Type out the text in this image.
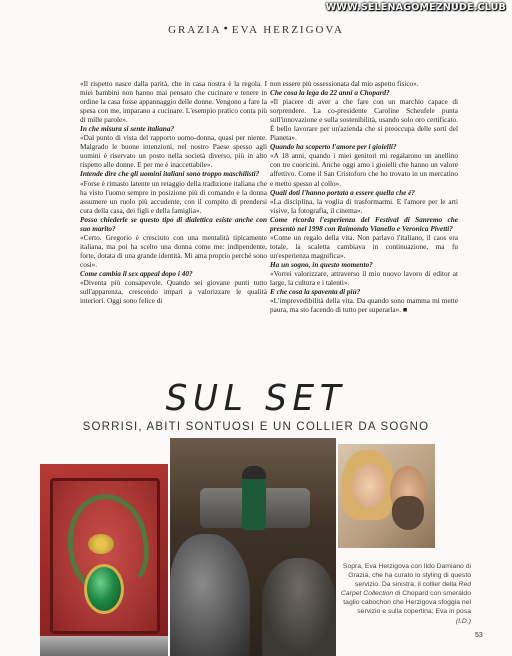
WWW.SELENAGOMEZNUDE.CLUB
GRAZIA ● EVA HERZIGOVA

«Il rispetto nasce dalla parità, che in casa nostra è la regola. I miei bambini non hanno mai pensato che cucinare e tenere in ordine la casa fosse appannaggio delle donne. Vengono a fare la spesa con me, imparano a cucinare. L'esempio pratico conta più di mille parole».

In che misura si sente italiana?

«Dal punto di vista del rapporto uomo-donna, quasi per niente. Malgrado le buone intenzioni, nel nostro Paese spesso agli uomini è riservato un posto nella società diverso, più in alto rispetto alle donne. E per me è inaccettabile».

Intende dire che gli uomini italiani sono troppo maschilisti?

«Forse è rimasto latente un retaggio della tradizione italiana che ha visto l'uomo sempre in posizione più di comando e la donna assumere un ruolo più accudente, con il compito di prendersi cura della casa, dei figli e della famiglia».

Posso chiederle se questo tipo di dialettica esiste anche con suo marito?

«Certo. Gregorio è cresciuto con una mentalità tipicamente italiana, ma poi ha scelto una donna come me: indipendente, forte, dotata di una grande identità. Mi ama proprio perché sono così».

Come cambia il sex appeal dopo i 40?

«Diventa più consapevole. Quando sei giovane punti tutto sull'apparenza, crescendo impari a valorizzare le qualità interiori. Oggi sono felice di

non essere più ossessionata dal mio aspetto fisico».

Che cosa la lega da 22 anni a Chopard?

«Il piacere di aver a che fare con un marchio capace di sorprendere. La co-presidente Caroline Scheufele punta sull'innovazione e sulla sostenibilità, usando solo oro certificato. È bello lavorare per un'azienda che si preoccupa delle sorti del Pianeta».

Quando ha scoperto l'amore per i gioielli?

«A 18 anni, quando i miei genitori mi regalarono un anellino con tre cuoricini. Anche oggi amo i gioielli che hanno un valore affettivo. Come il San Cristoforo che ho trovato in un mercatino e metto spesso al collo».

Quali doti l'hanno portata a essere quella che è?

«La disciplina, la voglia di trasformarmi. E l'amore per le arti visive, la fotografia, il cinema».

Come ricorda l'esperienza del Festival di Sanremo che presentò nel 1998 con Raimondo Vianello e Veronica Pivetti?

«Come un regalo della vita. Non parlavo l'italiano, il caos era totale, la scaletta cambiava in continuazione, ma fu un'esperienza magnifica».

Ha un sogno, in questo momento?

«Vorrei valorizzare, attraverso il mio nuovo lavoro di editor at large, la cultura e i talenti».

E che cosa la spaventa di più?

«L'imprevedibilità della vita. Da quando sono mamma mi mette paura, ma sto facendo di tutto per superarla». ■

SUL SET
SORRISI, ABITI SONTUOSI E UN COLLIER DA SOGNO
Sopra, Eva Herzigova con Ildo Damiano di Grazia, che ha curato lo styling di questo servizio. Da sinistra, il collier della Red Carpet Collection di Chopard con smeraldo taglio cabochon che Herzigova sfoggia nel servizio e sulla copertina; Eva in posa (I.D.)
53
